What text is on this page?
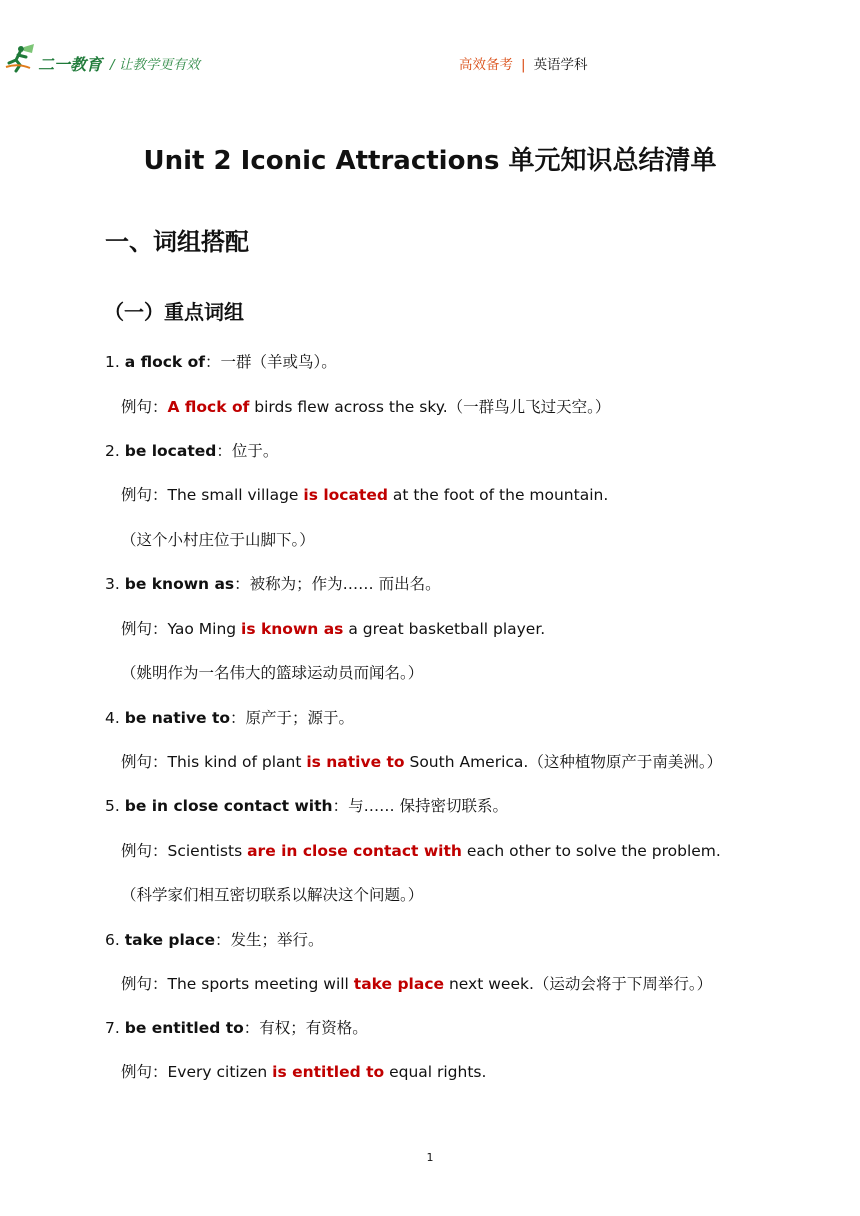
二一教育 / 让教学更有效	高效备考 | 英语学科
Unit 2 Iconic Attractions 单元知识总结清单
一、词组搭配
（一）重点词组
1. a flock of：一群（羊或鸟）。
例句：A flock of birds flew across the sky.（一群鸟儿飞过天空。）
2. be located：位于。
例句：The small village is located at the foot of the mountain.
（这个小村庄位于山脚下。）
3. be known as：被称为；作为…… 而出名。
例句：Yao Ming is known as a great basketball player.
（姚明作为一名伟大的篮球运动员而闻名。）
4. be native to：原产于；源于。
例句：This kind of plant is native to South America.（这种植物原产于南美洲。）
5. be in close contact with：与…… 保持密切联系。
例句：Scientists are in close contact with each other to solve the problem.
（科学家们相互密切联系以解决这个问题。）
6. take place：发生；举行。
例句：The sports meeting will take place next week.（运动会将于下周举行。）
7. be entitled to：有权；有资格。
例句：Every citizen is entitled to equal rights.
1
